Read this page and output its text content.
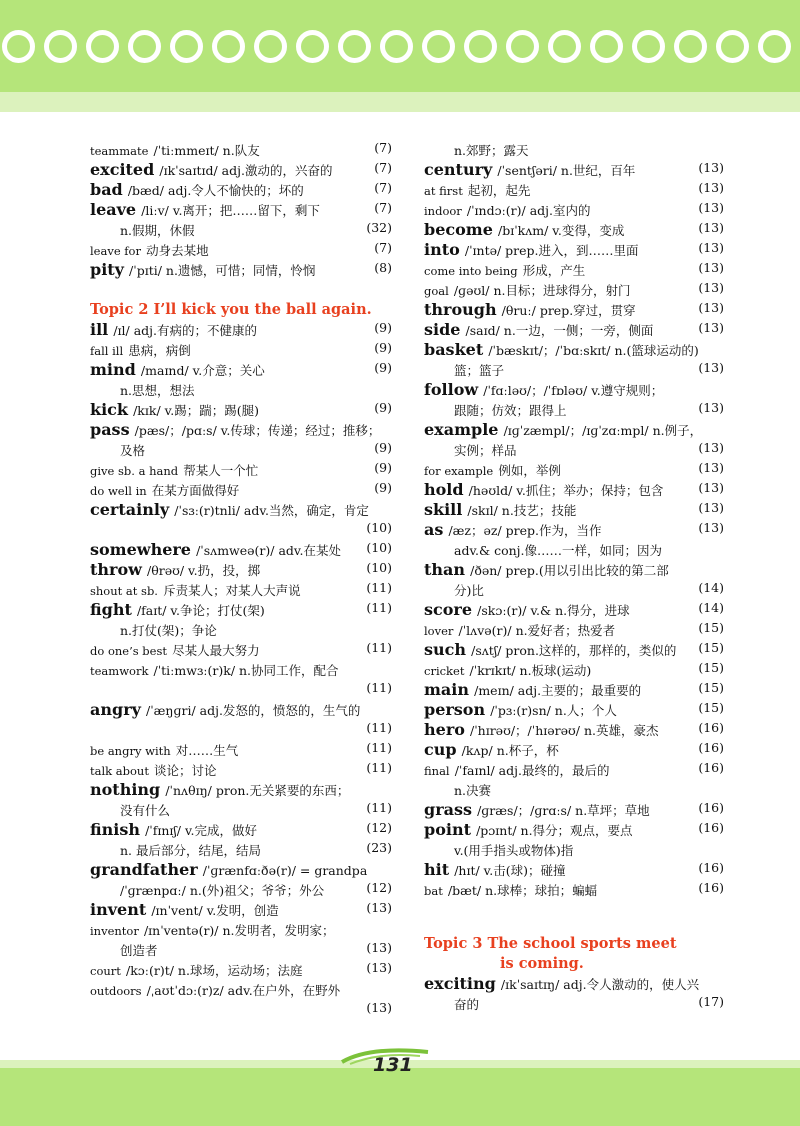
teammate /ˈtiːmmeɪt/ n.队友	(7)
excited /ɪkˈsaɪtɪd/ adj.激动的，兴奋的	(7)
bad /bæd/ adj.令人不愉快的；坏的	(7)
leave /liːv/ v.离开；把……留下，剩下	(7)
n.假期，休假	(32)
leave for 动身去某地	(7)
pity /ˈpɪti/ n.遗憾，可惜；同情，怜悯	(8)
Topic 2 I’ll kick you the ball again.
ill /ɪl/ adj.有病的；不健康的	(9)
fall ill 患病，病倒	(9)
mind /maɪnd/ v.介意；关心	(9)
n.思想，想法
kick /kɪk/ v.踢；踹；踢(腿)	(9)
pass /pæs/；/pɑːs/ v.传球；传递；经过；推移；
及格	(9)
give sb. a hand 帮某人一个忙	(9)
do well in 在某方面做得好	(9)
certainly /ˈsɜː(r)tnli/ adv.当然，确定，肯定
(10)
somewhere /ˈsʌmweə(r)/ adv.在某处 (10)
throw /θrəʊ/ v.扔，投，掷	(10)
shout at sb. 斥责某人；对某人大声说	(11)
fight /faɪt/ v.争论；打仗(架)	(11)
n.打仗(架)；争论
do one’s best 尽某人最大努力	(11)
teamwork /ˈtiːmwɜː(r)k/ n.协同工作，配合
(11)
angry /ˈæŋɡri/ adj.发怒的，愤怒的，生气的
(11)
be angry with 对……生气	(11)
talk about 谈论；讨论	(11)
nothing /ˈnʌθɪŋ/ pron.无关紧要的东西；
没有什么	(11)
finish /ˈfɪnɪʃ/ v.完成，做好	(12)
n. 最后部分，结尾，结局	(23)
grandfather /ˈɡrænfɑːðə(r)/ = grandpa
/ˈɡrænpɑː/ n.(外)祖父；爷爷；外公	(12)
invent /ɪnˈvent/ v.发明，创造	(13)
inventor /ɪnˈventə(r)/ n.发明者，发明家；
创造者	(13)
court /kɔː(r)t/ n.球场，运动场；法庭	(13)
outdoors /ˌaʊtˈdɔː(r)z/ adv.在户外，在野外
(13)
n.郊野；露天
century /ˈsentʃəri/ n.世纪，百年	(13)
at first 起初，起先	(13)
indoor /ˈɪndɔː(r)/ adj.室内的	(13)
become /bɪˈkʌm/ v.变得，变成	(13)
into /ˈɪntə/ prep.进入，到……里面	(13)
come into being 形成，产生	(13)
goal /ɡəʊl/ n.目标；进球得分，射门	(13)
through /θruː/ prep.穿过，贯穿	(13)
side /saɪd/ n.一边，一侧；一旁，侧面	(13)
basket /ˈbæskɪt/；/ˈbɑːskɪt/ n.(篮球运动的)
篮；篮子	(13)
follow /ˈfɑːləʊ/；/ˈfɒləʊ/ v.遵守规则；
跟随；仿效；跟得上	(13)
example /ɪɡˈzæmpl/；/ɪɡˈzɑːmpl/ n.例子，
实例；样品	(13)
for example 例如，举例	(13)
hold /həʊld/ v.抓住；举办；保持；包含	(13)
skill /skɪl/ n.技艺；技能	(13)
as /æz；əz/ prep.作为，当作	(13)
adv.& conj.像……一样，如同；因为
than /ðən/ prep.(用以引出比较的第二部
分)比	(14)
score /skɔː(r)/ v.& n.得分，进球	(14)
lover /ˈlʌvə(r)/ n.爱好者；热爱者	(15)
such /sʌtʃ/ pron.这样的，那样的，类似的 (15)
cricket /ˈkrɪkɪt/ n.板球(运动)	(15)
main /meɪn/ adj.主要的；最重要的	(15)
person /ˈpɜː(r)sn/ n.人；个人	(15)
hero /ˈhɪrəʊ/；/ˈhɪərəʊ/ n.英雄，豪杰	(16)
cup /kʌp/ n.杯子，杯	(16)
final /ˈfaɪnl/ adj.最终的，最后的	(16)
n.决赛
grass /ɡræs/；/ɡrɑːs/ n.草坪；草地	(16)
point /pɔɪnt/ n.得分；观点，要点	(16)
v.(用手指头或物体)指
hit /hɪt/ v.击(球)；碰撞	(16)
bat /bæt/ n.球棒；球拍；蝙蝠	(16)
Topic 3 The school sports meet
is coming.
exciting /ɪkˈsaɪtɪŋ/ adj.令人激动的，使人兴
奋的	(17)
131
